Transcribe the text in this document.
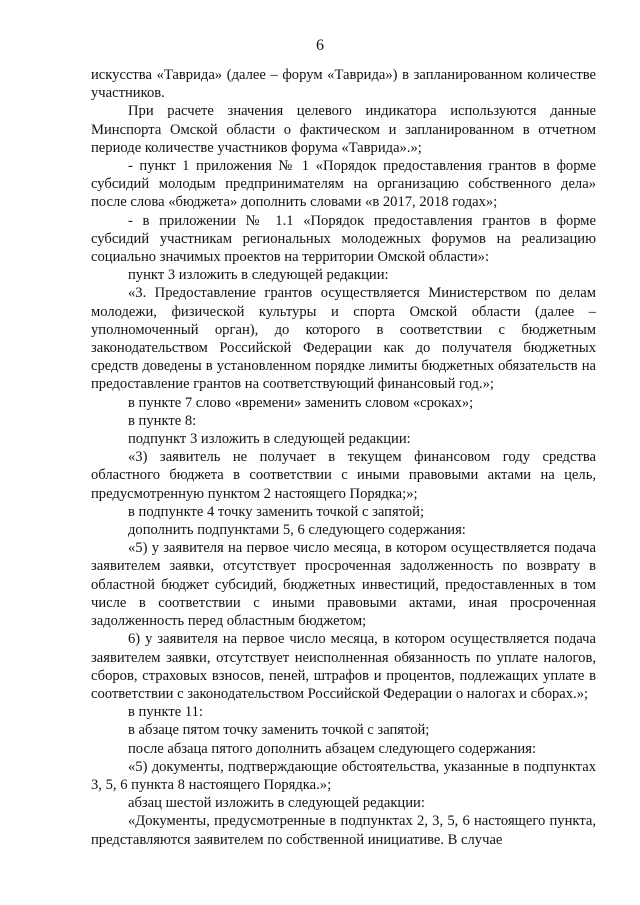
6

искусства «Таврида» (далее – форум «Таврида») в запланированном количестве участников.

При расчете значения целевого индикатора используются данные Минспорта Омской области о фактическом и запланированном в отчетном периоде количестве участников форума «Таврида».»;

- пункт 1 приложения № 1 «Порядок предоставления грантов в форме субсидий молодым предпринимателям на организацию собственного дела» после слова «бюджета» дополнить словами «в 2017, 2018 годах»;

- в приложении № 1.1 «Порядок предоставления грантов в форме субсидий участникам региональных молодежных форумов на реализацию социально значимых проектов на территории Омской области»:

пункт 3 изложить в следующей редакции:

«3. Предоставление грантов осуществляется Министерством по делам молодежи, физической культуры и спорта Омской области (далее – уполномоченный орган), до которого в соответствии с бюджетным законодательством Российской Федерации как до получателя бюджетных средств доведены в установленном порядке лимиты бюджетных обязательств на предоставление грантов на соответствующий финансовый год.»;

в пункте 7 слово «времени» заменить словом «сроках»;

в пункте 8:

подпункт 3 изложить в следующей редакции:

«3) заявитель не получает в текущем финансовом году средства областного бюджета в соответствии с иными правовыми актами на цель, предусмотренную пунктом 2 настоящего Порядка;»;

в подпункте 4 точку заменить точкой с запятой;

дополнить подпунктами 5, 6 следующего содержания:

«5) у заявителя на первое число месяца, в котором осуществляется подача заявителем заявки, отсутствует просроченная задолженность по возврату в областной бюджет субсидий, бюджетных инвестиций, предоставленных в том числе в соответствии с иными правовыми актами, иная просроченная задолженность перед областным бюджетом;

6) у заявителя на первое число месяца, в котором осуществляется подача заявителем заявки, отсутствует неисполненная обязанность по уплате налогов, сборов, страховых взносов, пеней, штрафов и процентов, подлежащих уплате в соответствии с законодательством Российской Федерации о налогах и сборах.»;

в пункте 11:

в абзаце пятом точку заменить точкой с запятой;

после абзаца пятого дополнить абзацем следующего содержания:

«5) документы, подтверждающие обстоятельства, указанные в подпунктах 3, 5, 6 пункта 8 настоящего Порядка.»;

абзац шестой изложить в следующей редакции:

«Документы, предусмотренные в подпунктах 2, 3, 5, 6 настоящего пункта, представляются заявителем по собственной инициативе. В случае
